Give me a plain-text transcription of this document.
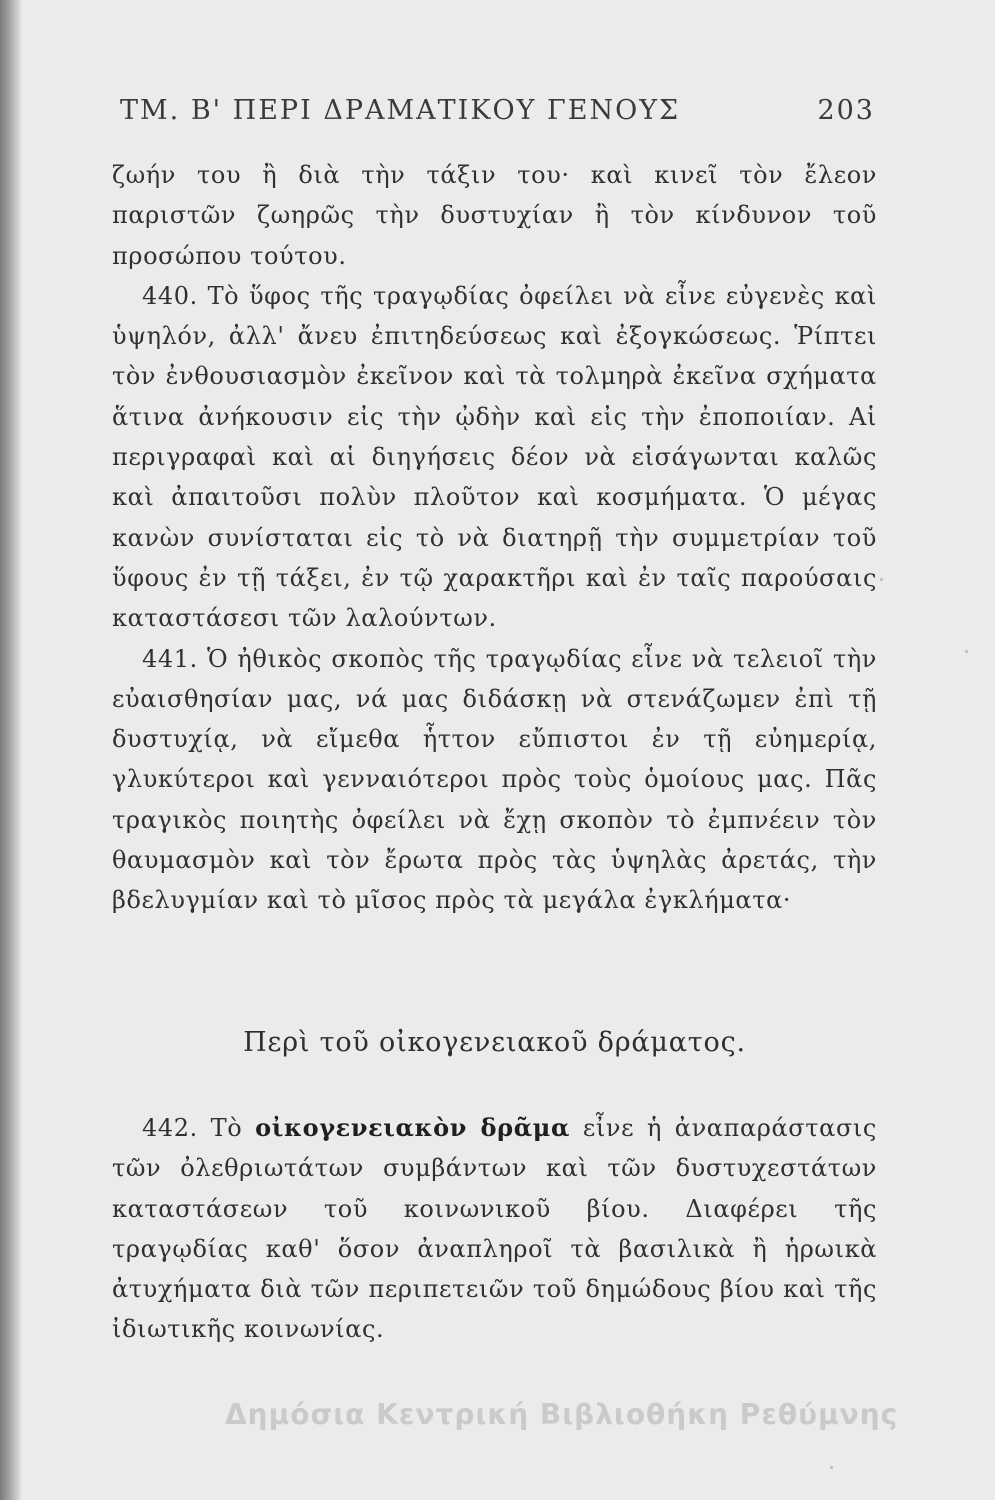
ΤΜ. Β' ΠΕΡΙ ΔΡΑΜΑΤΙΚΟΥ ΓΕΝΟΥΣ	203

ζωήν του ἢ διὰ τὴν τάξιν του· καὶ κινεῖ τὸν ἔλεον παριστῶν ζωηρῶς τὴν δυστυχίαν ἢ τὸν κίνδυνον τοῦ προσώπου τούτου.

440. Τὸ ὕφος τῆς τραγῳδίας ὀφείλει νὰ εἶνε εὐγενὲς καὶ ὑψηλόν, ἀλλ' ἄνευ ἐπιτηδεύσεως καὶ ἐξογκώσεως. Ῥίπτει τὸν ἐνθουσιασμὸν ἐκεῖνον καὶ τὰ τολμηρὰ ἐκεῖνα σχήματα ἅτινα ἀνήκουσιν εἰς τὴν ᾠδὴν καὶ εἰς τὴν ἐποποιίαν. Αἱ περιγραφαὶ καὶ αἱ διηγήσεις δέον νὰ εἰσάγωνται καλῶς καὶ ἀπαιτοῦσι πολὺν πλοῦτον καὶ κοσμήματα. Ὁ μέγας κανὼν συνίσταται εἰς τὸ νὰ διατηρῇ τὴν συμμετρίαν τοῦ ὕφους ἐν τῇ τάξει, ἐν τῷ χαρακτῆρι καὶ ἐν ταῖς παρούσαις καταστάσεσι τῶν λαλούντων.

441. Ὁ ἠθικὸς σκοπὸς τῆς τραγῳδίας εἶνε νὰ τελειοῖ τὴν εὐαισθησίαν μας, νά μας διδάσκῃ νὰ στενάζωμεν ἐπὶ τῇ δυστυχίᾳ, νὰ εἴμεθα ἧττον εὔπιστοι ἐν τῇ εὐημερίᾳ, γλυκύτεροι καὶ γενναιότεροι πρὸς τοὺς ὁμοίους μας. Πᾶς τραγικὸς ποιητὴς ὀφείλει νὰ ἔχῃ σκοπὸν τὸ ἐμπνέειν τὸν θαυμασμὸν καὶ τὸν ἔρωτα πρὸς τὰς ὑψηλὰς ἀρετάς, τὴν βδελυγμίαν καὶ τὸ μῖσος πρὸς τὰ μεγάλα ἐγκλήματα·

Περὶ τοῦ οἰκογενειακοῦ δράματος.

442. Τὸ οἰκογενειακὸν δρᾶμα εἶνε ἡ ἀναπαράστασις τῶν ὀλεθριωτάτων συμβάντων καὶ τῶν δυστυχεστάτων καταστάσεων τοῦ κοινωνικοῦ βίου. Διαφέρει τῆς τραγῳδίας καθ' ὅσον ἀναπληροῖ τὰ βασιλικὰ ἢ ἡρωικὰ ἀτυχήματα διὰ τῶν περιπετειῶν τοῦ δημώδους βίου καὶ τῆς ἰδιωτικῆς κοινωνίας.

Δημόσια Κεντρική Βιβλιοθήκη Ρεθύμνης
